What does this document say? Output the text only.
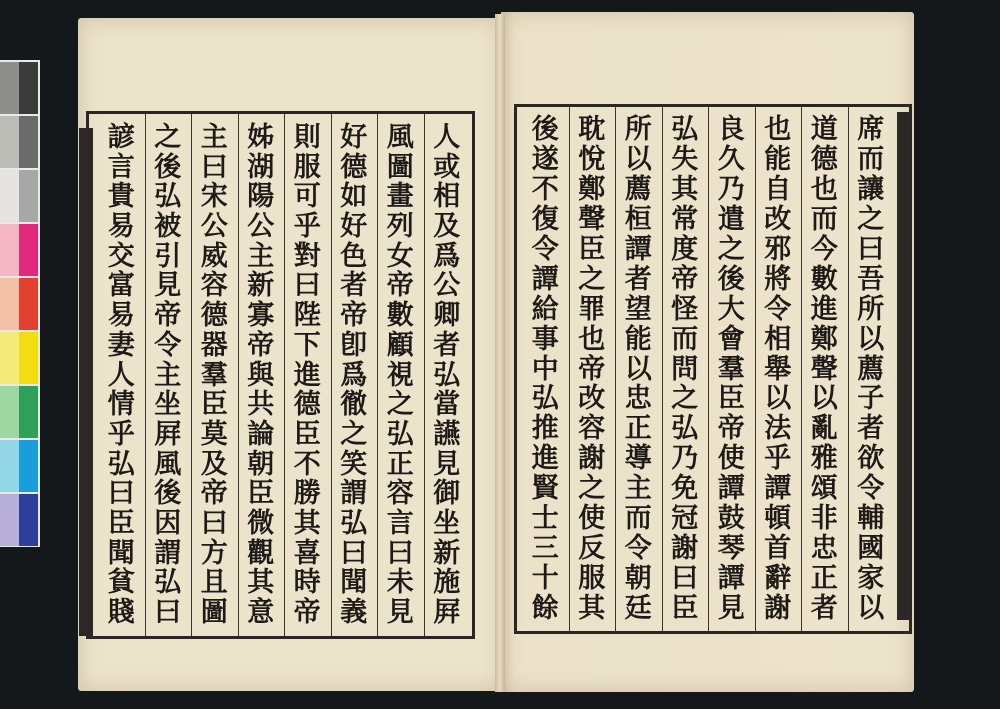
人
或
相
及
爲
公
卿
者
弘
當
讌
見
御
坐
新
施
屛
風
圖
畫
列
女
帝
數
顧
視
之
弘
正
容
言
曰
未
見
好
德
如
好
色
者
帝
卽
爲
徹
之
笑
謂
弘
曰
聞
義
則
服
可
乎
對
曰
陛
下
進
德
臣
不
勝
其
喜
時
帝
姊
湖
陽
公
主
新
寡
帝
與
共
論
朝
臣
微
觀
其
意
主
曰
宋
公
威
容
德
器
羣
臣
莫
及
帝
曰
方
且
圖
之
後
弘
被
引
見
帝
令
主
坐
屛
風
後
因
謂
弘
曰
諺
言
貴
易
交
富
易
妻
人
情
乎
弘
曰
臣
聞
貧
賤
席
而
讓
之
曰
吾
所
以
薦
子
者
欲
令
輔
國
家
以
道
德
也
而
今
數
進
鄭
聲
以
亂
雅
頌
非
忠
正
者
也
能
自
改
邪
將
令
相
舉
以
法
乎
譚
頓
首
辭
謝
良
久
乃
遣
之
後
大
會
羣
臣
帝
使
譚
鼓
琴
譚
見
弘
失
其
常
度
帝
怪
而
問
之
弘
乃
免
冠
謝
曰
臣
所
以
薦
桓
譚
者
望
能
以
忠
正
導
主
而
令
朝
廷
耽
悅
鄭
聲
臣
之
罪
也
帝
改
容
謝
之
使
反
服
其
後
遂
不
復
令
譚
給
事
中
弘
推
進
賢
士
三
十
餘
